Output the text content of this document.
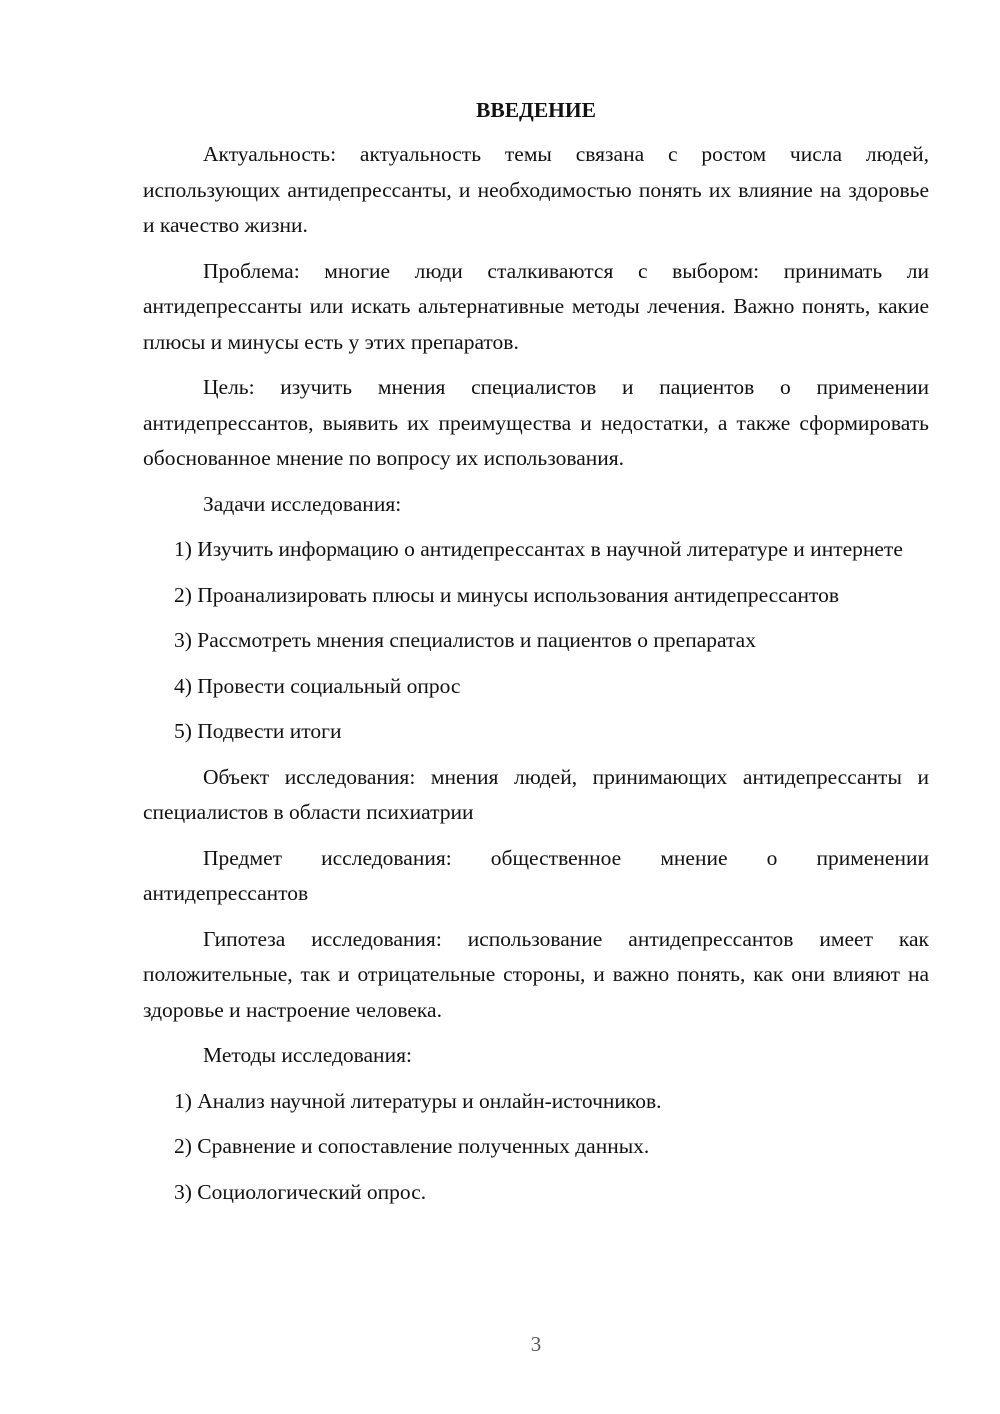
ВВЕДЕНИЕ

Актуальность: актуальность темы связана с ростом числа людей, использующих антидепрессанты, и необходимостью понять их влияние на здоровье и качество жизни.

Проблема: многие люди сталкиваются с выбором: принимать ли антидепрессанты или искать альтернативные методы лечения. Важно понять, какие плюсы и минусы есть у этих препаратов.

Цель: изучить мнения специалистов и пациентов о применении антидепрессантов, выявить их преимущества и недостатки, а также сформировать обоснованное мнение по вопросу их использования.

Задачи исследования:

1) Изучить информацию о антидепрессантах в научной литературе и интернете

2) Проанализировать плюсы и минусы использования антидепрессантов

3) Рассмотреть мнения специалистов и пациентов о препаратах

4) Провести социальный опрос

5) Подвести итоги

Объект исследования: мнения людей, принимающих антидепрессанты и специалистов в области психиатрии

Предмет исследования: общественное мнение о применении антидепрессантов

Гипотеза исследования: использование антидепрессантов имеет как положительные, так и отрицательные стороны, и важно понять, как они влияют на здоровье и настроение человека.

Методы исследования:

1) Анализ научной литературы и онлайн-источников.

2) Сравнение и сопоставление полученных данных.

3) Социологический опрос.

3
